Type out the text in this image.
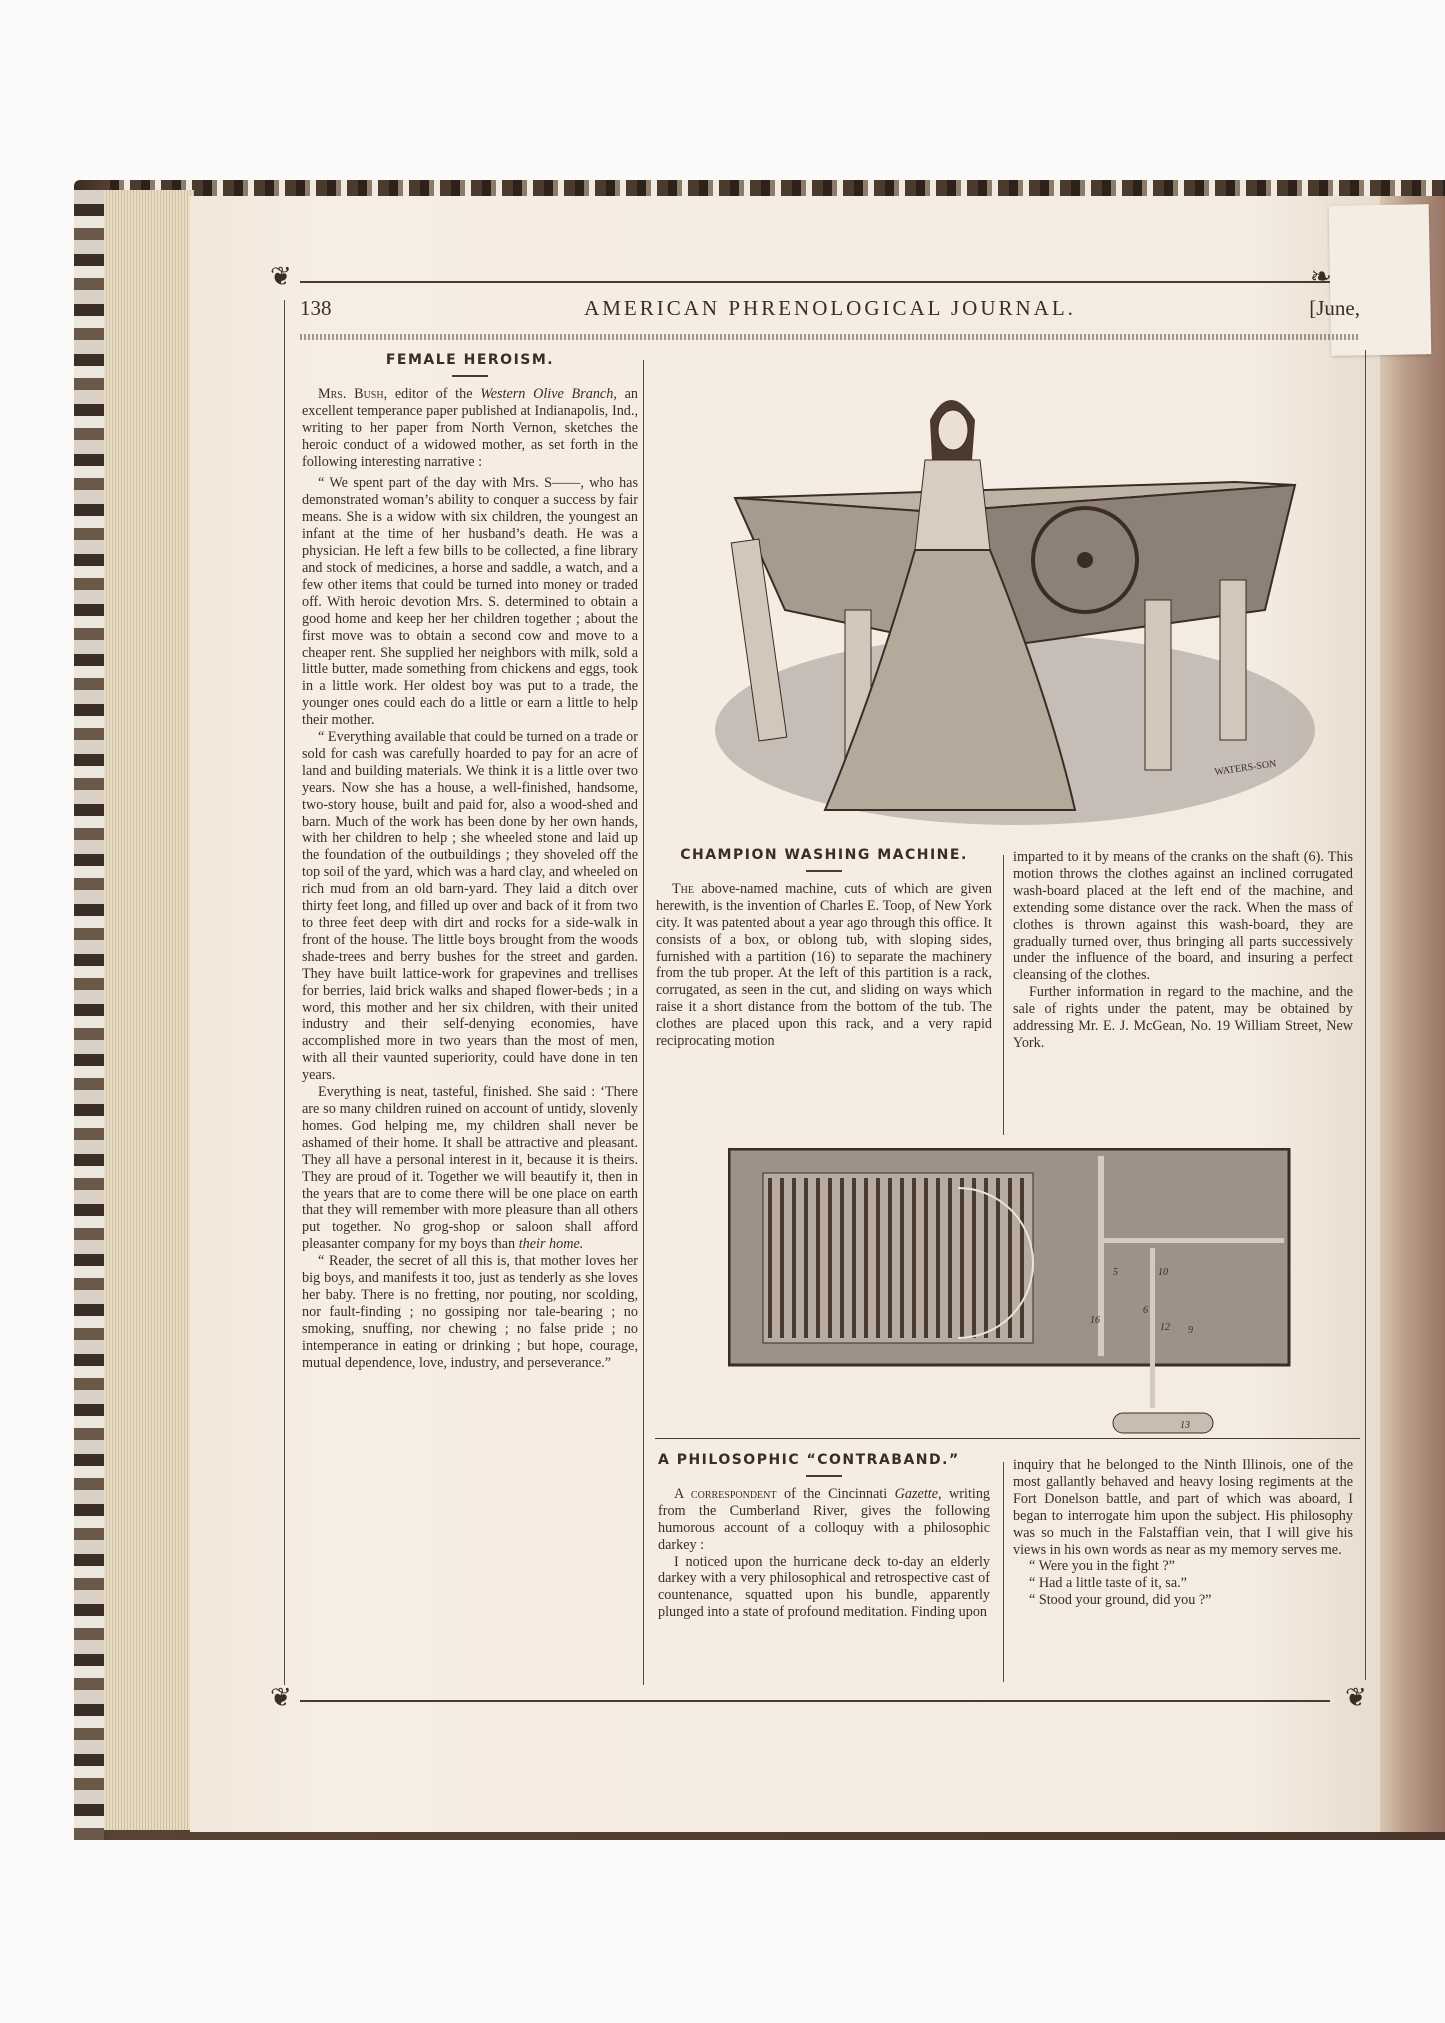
❦
❦	❦
❧
138	AMERICAN PHRENOLOGICAL JOURNAL.	[June,

FEMALE HEROISM.

Mrs. Bush, editor of the Western Olive Branch, an excellent temperance paper published at Indianapolis, Ind., writing to her paper from North Vernon, sketches the heroic conduct of a widowed mother, as set forth in the following interesting narrative :

“ We spent part of the day with Mrs. S——, who has demonstrated woman’s ability to conquer a success by fair means. She is a widow with six children, the youngest an infant at the time of her husband’s death. He was a physician. He left a few bills to be collected, a fine library and stock of medicines, a horse and saddle, a watch, and a few other items that could be turned into money or traded off. With heroic devotion Mrs. S. determined to obtain a good home and keep her her children together ; about the first move was to obtain a second cow and move to a cheaper rent. She supplied her neighbors with milk, sold a little butter, made something from chickens and eggs, took in a little work. Her oldest boy was put to a trade, the younger ones could each do a little or earn a little to help their mother.

“ Everything available that could be turned on a trade or sold for cash was carefully hoarded to pay for an acre of land and building materials. We think it is a little over two years. Now she has a house, a well-finished, handsome, two-story house, built and paid for, also a wood-shed and barn. Much of the work has been done by her own hands, with her children to help ; she wheeled stone and laid up the foundation of the outbuildings ; they shoveled off the top soil of the yard, which was a hard clay, and wheeled on rich mud from an old barn-yard. They laid a ditch over thirty feet long, and filled up over and back of it from two to three feet deep with dirt and rocks for a side-walk in front of the house. The little boys brought from the woods shade-trees and berry bushes for the street and garden. They have built lattice-work for grapevines and trellises for berries, laid brick walks and shaped flower-beds ; in a word, this mother and her six children, with their united industry and their self-denying economies, have accomplished more in two years than the most of men, with all their vaunted superiority, could have done in ten years.

Everything is neat, tasteful, finished. She said : ‘There are so many children ruined on account of untidy, slovenly homes. God helping me, my children shall never be ashamed of their home. It shall be attractive and pleasant. They all have a personal interest in it, because it is theirs. They are proud of it. Together we will beautify it, then in the years that are to come there will be one place on earth that they will remember with more pleasure than all others put together. No grog-shop or saloon shall afford pleasanter company for my boys than their home.

“ Reader, the secret of all this is, that mother loves her big boys, and manifests it too, just as tenderly as she loves her baby. There is no fretting, nor pouting, nor scolding, nor fault-finding ; no gossiping nor tale-bearing ; no smoking, snuffing, nor chewing ; no false pride ; no intemperance in eating or drinking ; but hope, courage, mutual dependence, love, industry, and perseverance.”

WATERS-SON

CHAMPION WASHING MACHINE.

The above-named machine, cuts of which are given herewith, is the invention of Charles E. Toop, of New York city. It was patented about a year ago through this office. It consists of a box, or oblong tub, with sloping sides, furnished with a partition (16) to separate the machinery from the tub proper. At the left of this partition is a rack, corrugated, as seen in the cut, and sliding on ways which raise it a short distance from the bottom of the tub. The clothes are placed upon this rack, and a very rapid reciprocating motion

imparted to it by means of the cranks on the shaft (6). This motion throws the clothes against an inclined corrugated wash-board placed at the left end of the machine, and extending some distance over the rack. When the mass of clothes is thrown against this wash-board, they are gradually turned over, thus bringing all parts successively under the influence of the board, and insuring a perfect cleansing of the clothes.

Further information in regard to the machine, and the sale of rights under the patent, may be obtained by addressing Mr. E. J. McGean, No. 19 William Street, New York.

5	10
6
12 9
16
13

A PHILOSOPHIC “CONTRABAND.”

A correspondent of the Cincinnati Gazette, writing from the Cumberland River, gives the following humorous account of a colloquy with a philosophic darkey :

I noticed upon the hurricane deck to-day an elderly darkey with a very philosophical and retrospective cast of countenance, squatted upon his bundle, apparently plunged into a state of profound meditation. Finding upon

inquiry that he belonged to the Ninth Illinois, one of the most gallantly behaved and heavy losing regiments at the Fort Donelson battle, and part of which was aboard, I began to interrogate him upon the subject. His philosophy was so much in the Falstaffian vein, that I will give his views in his own words as near as my memory serves me.

“ Were you in the fight ?”

“ Had a little taste of it, sa.”

“ Stood your ground, did you ?”
